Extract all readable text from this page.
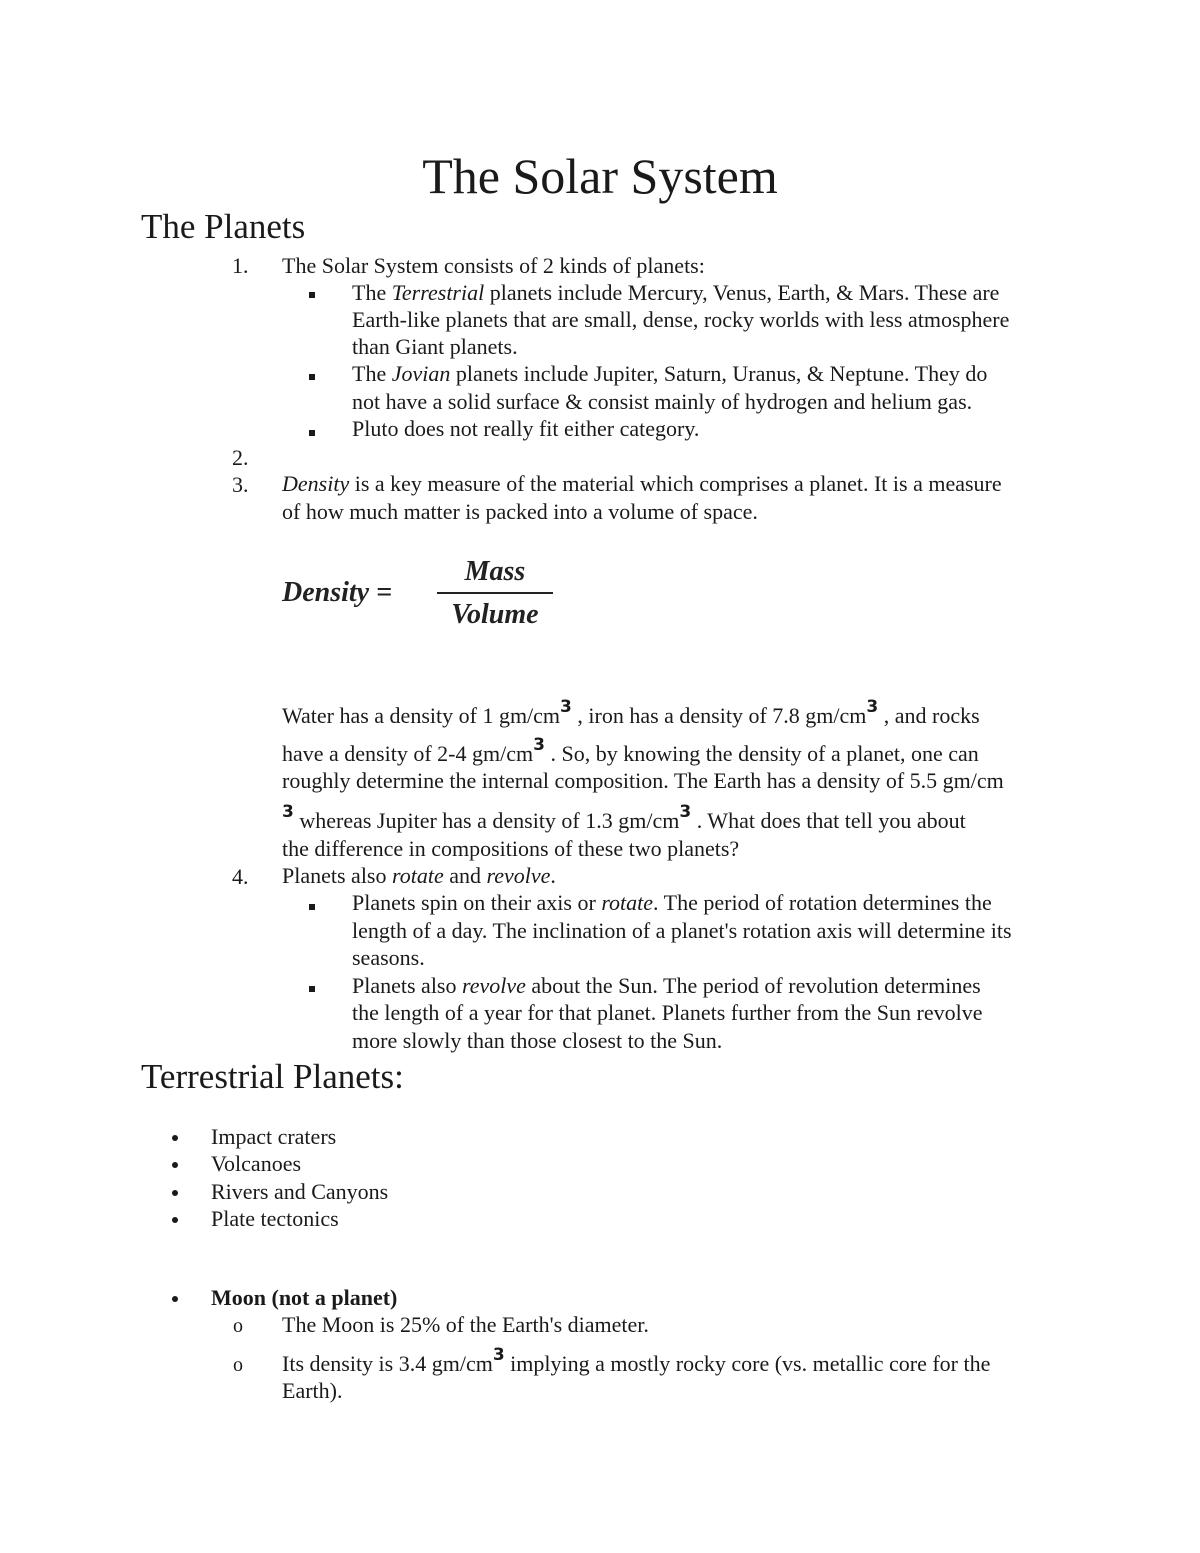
The Solar System
The Planets
1.	The Solar System consists of 2 kinds of planets:
The Terrestrial planets include Mercury, Venus, Earth, & Mars. These are
Earth-like planets that are small, dense, rocky worlds with less atmosphere
than Giant planets.
The Jovian planets include Jupiter, Saturn, Uranus, & Neptune. They do
not have a solid surface & consist mainly of hydrogen and helium gas.
Pluto does not really fit either category.
2.
3.	Density is a key measure of the material which comprises a planet. It is a measure
of how much matter is packed into a volume of space.
Density =
Mass
Volume
Water has a density of 1 $gm/cm^3$ , iron has a density of 7.8 $gm/cm^3$ , and rocks
have a density of 2-4 $gm/cm^3$ . So, by knowing the density of a planet, one can
roughly determine the internal composition. The Earth has a density of 5.5 gm/cm
$^3$ whereas Jupiter has a density of 1.3 $gm/cm^3$ . What does that tell you about
the difference in compositions of these two planets?
4.	Planets also rotate and revolve.
Planets spin on their axis or rotate. The period of rotation determines the
length of a day. The inclination of a planet's rotation axis will determine its
seasons.
Planets also revolve about the Sun. The period of revolution determines
the length of a year for that planet. Planets further from the Sun revolve
more slowly than those closest to the Sun.
Terrestrial Planets:
Impact craters
Volcanoes
Rivers and Canyons
Plate tectonics
Moon (not a planet)
o The Moon is 25% of the Earth's diameter.
o Its density is 3.4 $gm/cm^3$ implying a mostly rocky core (vs. metallic core for the
Earth).
